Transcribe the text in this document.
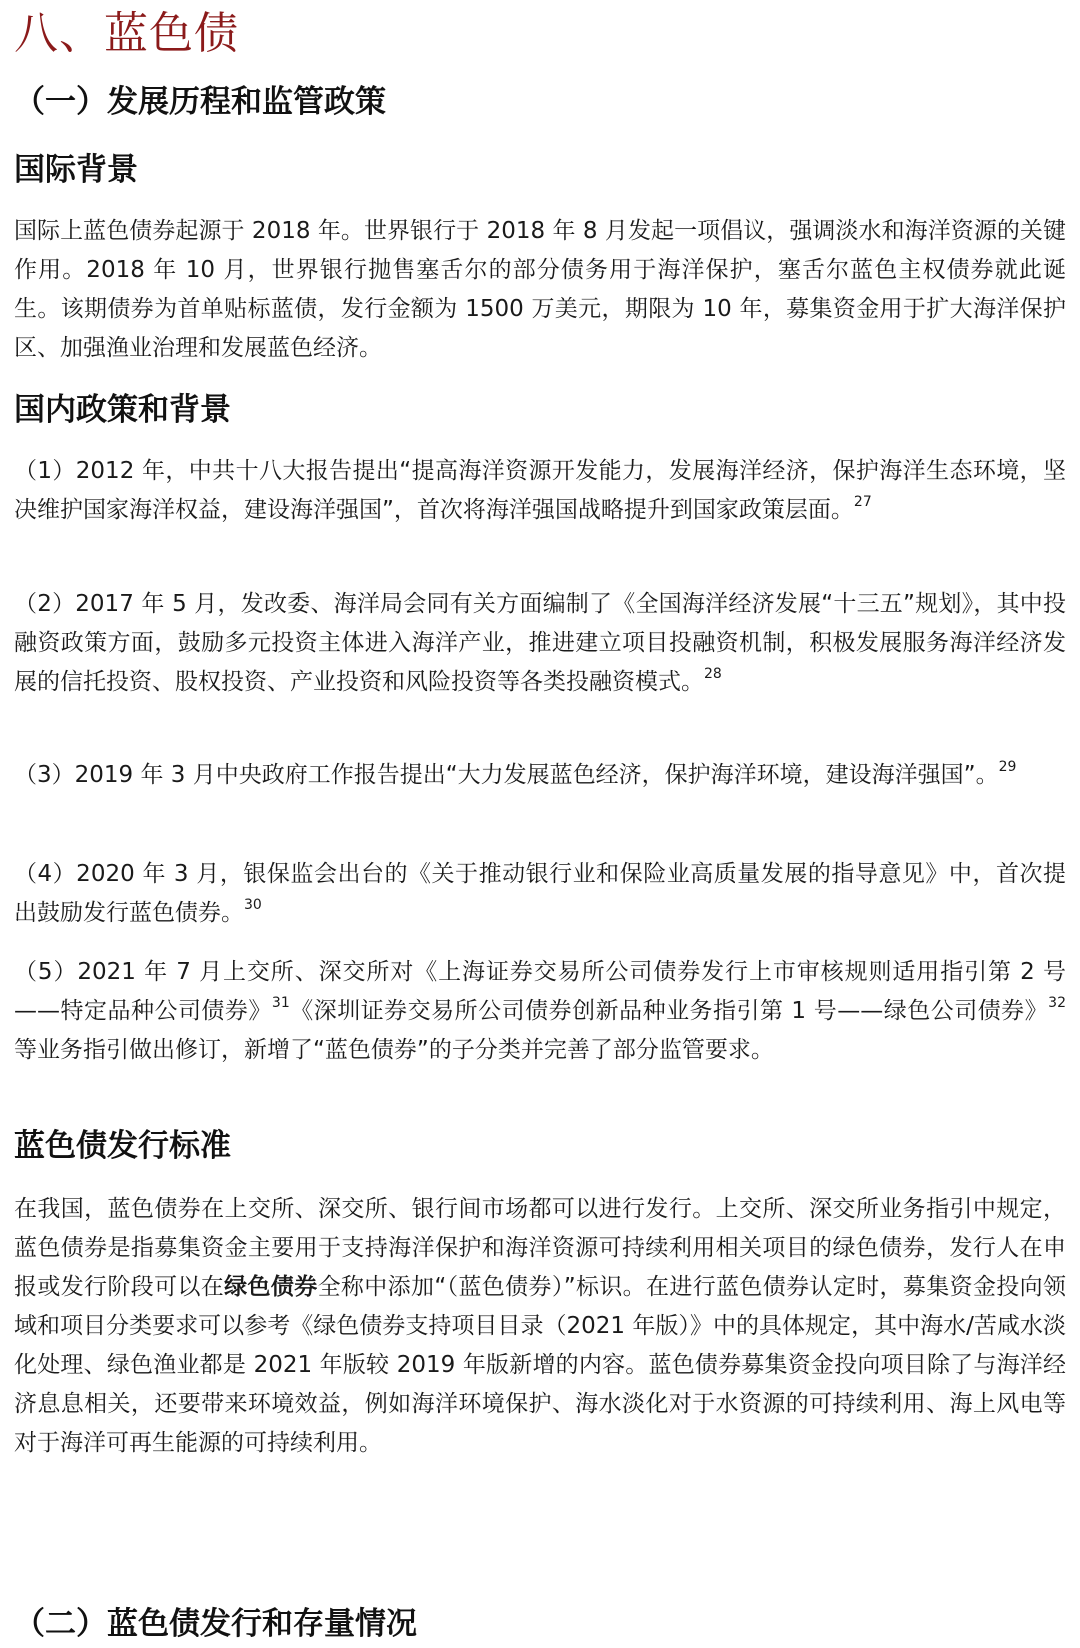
八、蓝色债
（一）发展历程和监管政策
国际背景

国际上蓝色债券起源于 2018 年。世界银行于 2018 年 8 月发起一项倡议，强调淡水和海洋资源的关键作用。2018 年 10 月，世界银行抛售塞舌尔的部分债务用于海洋保护，塞舌尔蓝色主权债券就此诞生。该期债券为首单贴标蓝债，发行金额为 1500 万美元，期限为 10 年，募集资金用于扩大海洋保护区、加强渔业治理和发展蓝色经济。

国内政策和背景

（1）2012 年，中共十八大报告提出“提高海洋资源开发能力，发展海洋经济，保护海洋生态环境，坚决维护国家海洋权益，建设海洋强国”，首次将海洋强国战略提升到国家政策层面。$^{27}$

（2）2017 年 5 月，发改委、海洋局会同有关方面编制了《全国海洋经济发展“十三五”规划》，其中投融资政策方面，鼓励多元投资主体进入海洋产业，推进建立项目投融资机制，积极发展服务海洋经济发展的信托投资、股权投资、产业投资和风险投资等各类投融资模式。$^{28}$

（3）2019 年 3 月中央政府工作报告提出“大力发展蓝色经济，保护海洋环境，建设海洋强国”。$^{29}$

（4）2020 年 3 月，银保监会出台的《关于推动银行业和保险业高质量发展的指导意见》中，首次提出鼓励发行蓝色债券。$^{30}$

（5）2021 年 7 月上交所、深交所对《上海证券交易所公司债券发行上市审核规则适用指引第 2 号——特定品种公司债券》$^{31}$《深圳证券交易所公司债券创新品种业务指引第 1 号——绿色公司债券》$^{32}$等业务指引做出修订，新增了“蓝色债券”的子分类并完善了部分监管要求。

蓝色债发行标准

在我国，蓝色债券在上交所、深交所、银行间市场都可以进行发行。上交所、深交所业务指引中规定，蓝色债券是指募集资金主要用于支持海洋保护和海洋资源可持续利用相关项目的绿色债券，发行人在申报或发行阶段可以在绿色债券全称中添加“（蓝色债券）”标识。在进行蓝色债券认定时，募集资金投向领域和项目分类要求可以参考《绿色债券支持项目目录（2021 年版）》中的具体规定，其中海水/苦咸水淡化处理、绿色渔业都是 2021 年版较 2019 年版新增的内容。蓝色债券募集资金投向项目除了与海洋经济息息相关，还要带来环境效益，例如海洋环境保护、海水淡化对于水资源的可持续利用、海上风电等对于海洋可再生能源的可持续利用。

（二）蓝色债发行和存量情况
